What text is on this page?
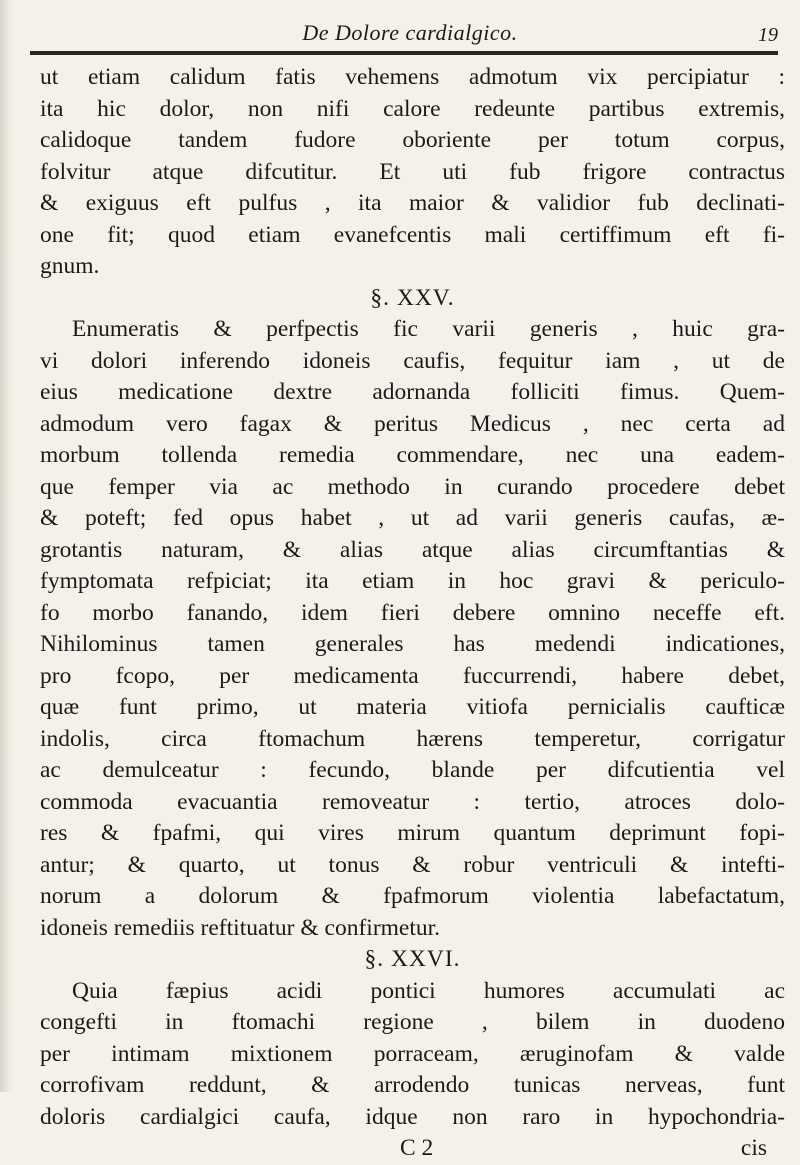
De Dolore cardialgico.	19
ut etiam calidum fatis vehemens admotum vix percipiatur :
ita hic dolor, non nifi calore redeunte partibus extremis,
calidoque tandem fudore oboriente per totum corpus,
folvitur atque difcutitur. Et uti fub frigore contractus
& exiguus eft pulfus , ita maior & validior fub declinati-
one fit; quod etiam evanefcentis mali certiffimum eft fi-
gnum.
§. XXV.
Enumeratis & perfpectis fic varii generis , huic gra-
vi dolori inferendo idoneis caufis, fequitur iam , ut de
eius medicatione dextre adornanda folliciti fimus. Quem-
admodum vero fagax & peritus Medicus , nec certa ad
morbum tollenda remedia commendare, nec una eadem-
que femper via ac methodo in curando procedere debet
& poteft; fed opus habet , ut ad varii generis caufas, æ-
grotantis naturam, & alias atque alias circumftantias &
fymptomata refpiciat; ita etiam in hoc gravi & periculo-
fo morbo fanando, idem fieri debere omnino neceffe eft.
Nihilominus tamen generales has medendi indicationes,
pro fcopo, per medicamenta fuccurrendi, habere debet,
quæ funt primo, ut materia vitiofa pernicialis caufticæ
indolis, circa ftomachum hærens temperetur, corrigatur
ac demulceatur : fecundo, blande per difcutientia vel
commoda evacuantia removeatur : tertio, atroces dolo-
res & fpafmi, qui vires mirum quantum deprimunt fopi-
antur; & quarto, ut tonus & robur ventriculi & intefti-
norum a dolorum & fpafmorum violentia labefactatum,
idoneis remediis reftituatur & confirmetur.
§. XXVI.
Quia fæpius acidi pontici humores accumulati ac
congefti in ftomachi regione , bilem in duodeno
per intimam mixtionem porraceam, æruginofam & valde
corrofivam reddunt, & arrodendo tunicas nerveas, funt
doloris cardialgici caufa, idque non raro in hypochondria-
C 2	cis
